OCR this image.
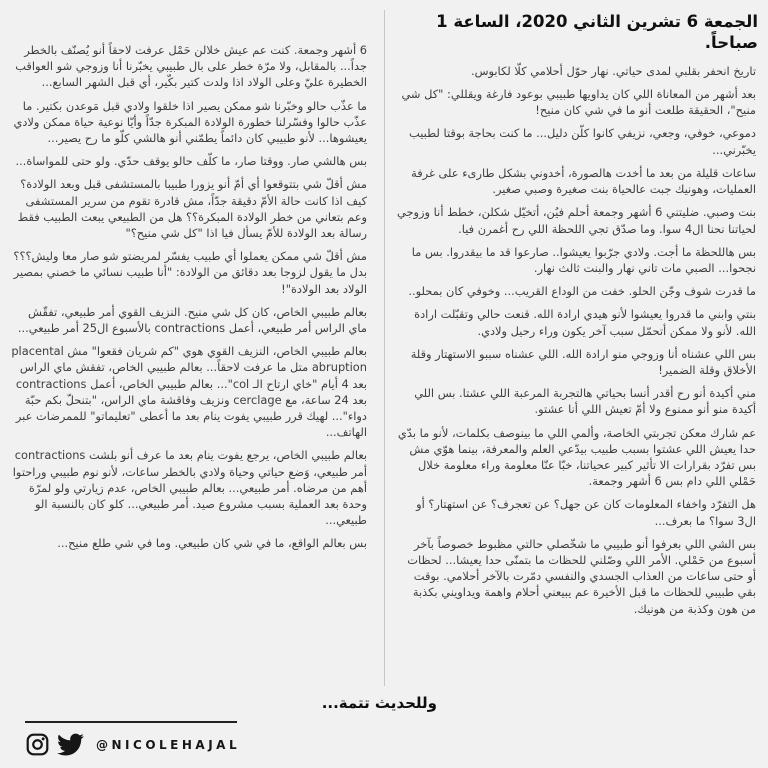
الجمعة 6 تشرين الثاني 2020، الساعة 1 صباحاً.

تاريخ انحفر بقلبي لمدى حياتي. نهار حوّل أحلامي كلّا لكابوس.

بعد أشهر من المعاناة اللي كان يداويها طبيبي بوعود فارغة ويقللي: "كل شي منيح"، الحقيقة طلعت أنو ما في شي كان منيح!

دموعي، خوفي، وجعي، نزيفي كانوا كلّن دليل... ما كنت بحاجة بوقتا لطبيب يخبّرني...

ساعات قليلة من بعد ما أخدت هالصورة، أخدوني بشكل طارىء على غرفة العمليات، وهونيك جبت عالحياة بنت صغيرة وصبي صغير.

بنت وصبي. ضليتني 6 أشهر وجمعة أحلم فيُن، أتخيّل شكلن، خطط أنا وزوجي لحياتنا نحنا ال4 سوا. وما صدّق تجي اللحظة اللي رح أغمرن فيا.

بس هاللحظة ما أجت. ولادي جرّبوا يعيشوا.. صارعوا قد ما بيقدروا. بس ما نجحوا... الصبي مات تاني نهار والبنت ثالث نهار.

ما قدرت شوف وجّن الحلو. خفت من الوداع القريب... وخوفي كان بمحلو..

بنتي وابني ما قدروا يعيشوا لأنو هيدي ارادة الله. قنعت حالي وتقبّلت ارادة الله. لأنو ولا ممكن أتحمّل سبب آخر يكون وراء رحيل ولادي.

بس اللي عشناه أنا وزوجي منو ارادة الله. اللي عشناه سببو الاستهتار وقلة الأخلاق وقلة الضمير!

مني أكيدة أنو رح أقدر أنسا بحياتي هالتجربة المرعبة اللي عشتا. بس اللي أكيدة منو أنو ممنوع ولا أمّ تعيش اللي أنا عشتو.

عم شارك معكن تجربتي الخاصة، وألمي اللي ما بينوصف بكلمات، لأنو ما بدّي حدا يعيش اللي عشتوا بسبب طبيب بيدّعي العلم والمعرفة، بينما هوّي مش بس تفرّد بقرارات الا تأثير كبير عحياتنا، خبّا عنّا معلومة وراء معلومة خلال حَمْلي اللي دام بس 6 أشهر وجمعة.

هل التفرّد واخفاء المعلومات كان عن جهل؟ عن تعجرف؟ عن استهتار؟ أو ال3 سوا؟ ما بعرف...

بس الشي اللي بعرفوا أنو طبيبي ما شخّصلي حالتي مظبوط خصوصاً بآخر أسبوع من حَمْلي. الأمر اللي وصّلني للحظات ما بتمنّى حدا يعيشا... لحظات أو حتى ساعات من العذاب الجسدي والنفسي دمّرت بالآخر أحلامي. بوقت بقي طبيبي للحظات ما قبل الأخيرة عم يبيعني أحلام واهمة ويداويني بكذبة من هون وكذبة من هونيك.

6 أشهر وجمعة. كنت عم عيش خلالن حَمْل عرفت لاحقاً أنو يُصنّف بالخطر جداً... بالمقابل، ولا مرّة خطر على بال طبيبي يخبّرنا أنا وزوجي شو العواقب الخطيرة عليّ وعلى الولاد اذا ولدت كتير بكّير، أي قبل الشهر السابع...

ما عذّب حالو وخبّرنا شو ممكن يصير اذا خلقوا ولادي قبل مَوعدن بكتير. ما عذّب حالوا وفسّرلنا خطورة الولادة المبكرة جدّاً وأيّا نوعية حياة ممكن ولادي يعيشوها... لأنو طبيبي كان دائماً يطمّني أنو هالشي كلّو ما رح يصير...

بس هالشي صار. ووقتا صار، ما كلّف حالو يوقف حدّي. ولو حتى للمواساة...

مش أقلّ شي بتتوقعوا أي أمّ أنو يزورا طبيبا بالمستشفى قبل وبعد الولادة؟ كيف اذا كانت حالة الأمّ دقيقة جدّاً، مش قادرة تقوم من سرير المستشفى وعم بتعاني من خطر الولادة المبكرة؟؟ هل من الطبيعي يبعت الطبيب فقط رسالة بعد الولادة للأمّ يسأل فيا اذا "كل شي منيح؟"

مش أقلّ شي ممكن يعملوا أي طبيب يفسّر لمريضتو شو صار معا وليش؟؟؟ بدل ما يقول لزوجا بعد دقائق من الولادة: "أنا طبيب نسائي ما خصني بمصير الولاد بعد الولادة"!

بعالم طبيبي الخاص، كان كل شي منيح. النزيف القوي أمر طبيعي، تفقّش ماي الراس أمر طبيعي، أعمل contractions بالأسبوع ال25 أمر طبيعي...

بعالم طبيبي الخاص، النزيف القوي هوي "كم شريان فقعوا" مش placental abruption متل ما عرفت لاحقاً... بعالم طبيبي الخاص، تفقش ماي الراس بعد 4 أيام "خاي ارتاح الـ col"... بعالم طبيبي الخاص، أعمل contractions بعد 24 ساعة، مع cerclage ونزيف وفاقشة ماي الراس، "بتنحلّ بكم حبّة دواء"... لهيك قرر طبيبي يفوت ينام بعد ما أعطى "تعليماتو" للممرضات عبر الهاتف...

بعالم طبيبي الخاص، يرجع يفوت ينام بعد ما عرف أنو بلشت contractions أمر طبيعي، وَضع حياتي وحياة ولادي بالخطر ساعات، لأنو نوم طبيبي وراحتوا أهم من مرضاه. أمر طبيعي... بعالم طبيبي الخاص، عدم زيارتي ولو لمرّة وحدة بعد العملية بسبب مشروع صيد. أمر طبيعي... كلو كان بالنسبة الو طبيعي...

بس بعالم الواقع، ما في شي كان طبيعي. وما في شي طلع منيح...

وللحديث تتمة...
@NICOLEHAJAL
